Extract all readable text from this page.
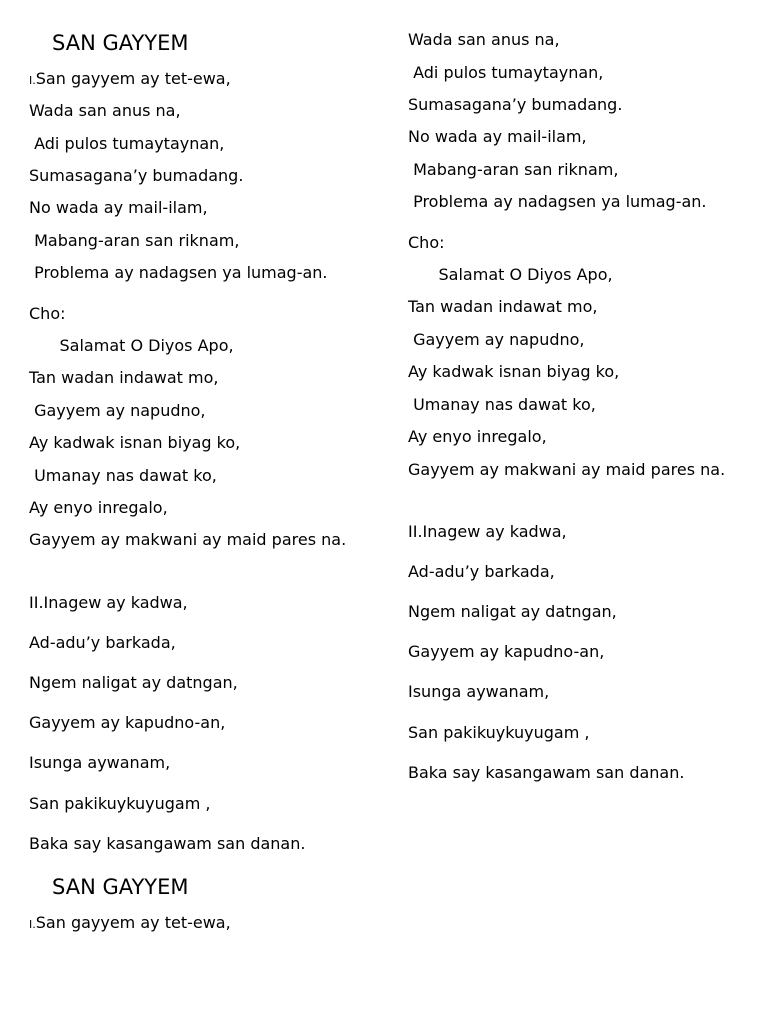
SAN GAYYEM
I.San gayyem ay tet-ewa,
Wada san anus na,
Adi pulos tumaytaynan,
Sumasagana’y bumadang.
No wada ay mail-ilam,
Mabang-aran san riknam,
Problema ay nadagsen ya lumag-an.
Cho:
Salamat O Diyos Apo,
Tan wadan indawat mo,
Gayyem ay napudno,
Ay kadwak isnan biyag ko,
Umanay nas dawat ko,
Ay enyo inregalo,
Gayyem ay makwani ay maid pares na.
II.Inagew ay kadwa,
Ad-adu’y barkada,
Ngem naligat ay datngan,
Gayyem ay kapudno-an,
Isunga aywanam,
San pakikuykuyugam ,
Baka say kasangawam san danan.
SAN GAYYEM
I.San gayyem ay tet-ewa,
Wada san anus na,
Adi pulos tumaytaynan,
Sumasagana’y bumadang.
No wada ay mail-ilam,
Mabang-aran san riknam,
Problema ay nadagsen ya lumag-an.
Cho:
Salamat O Diyos Apo,
Tan wadan indawat mo,
Gayyem ay napudno,
Ay kadwak isnan biyag ko,
Umanay nas dawat ko,
Ay enyo inregalo,
Gayyem ay makwani ay maid pares na.
II.Inagew ay kadwa,
Ad-adu’y barkada,
Ngem naligat ay datngan,
Gayyem ay kapudno-an,
Isunga aywanam,
San pakikuykuyugam ,
Baka say kasangawam san danan.
